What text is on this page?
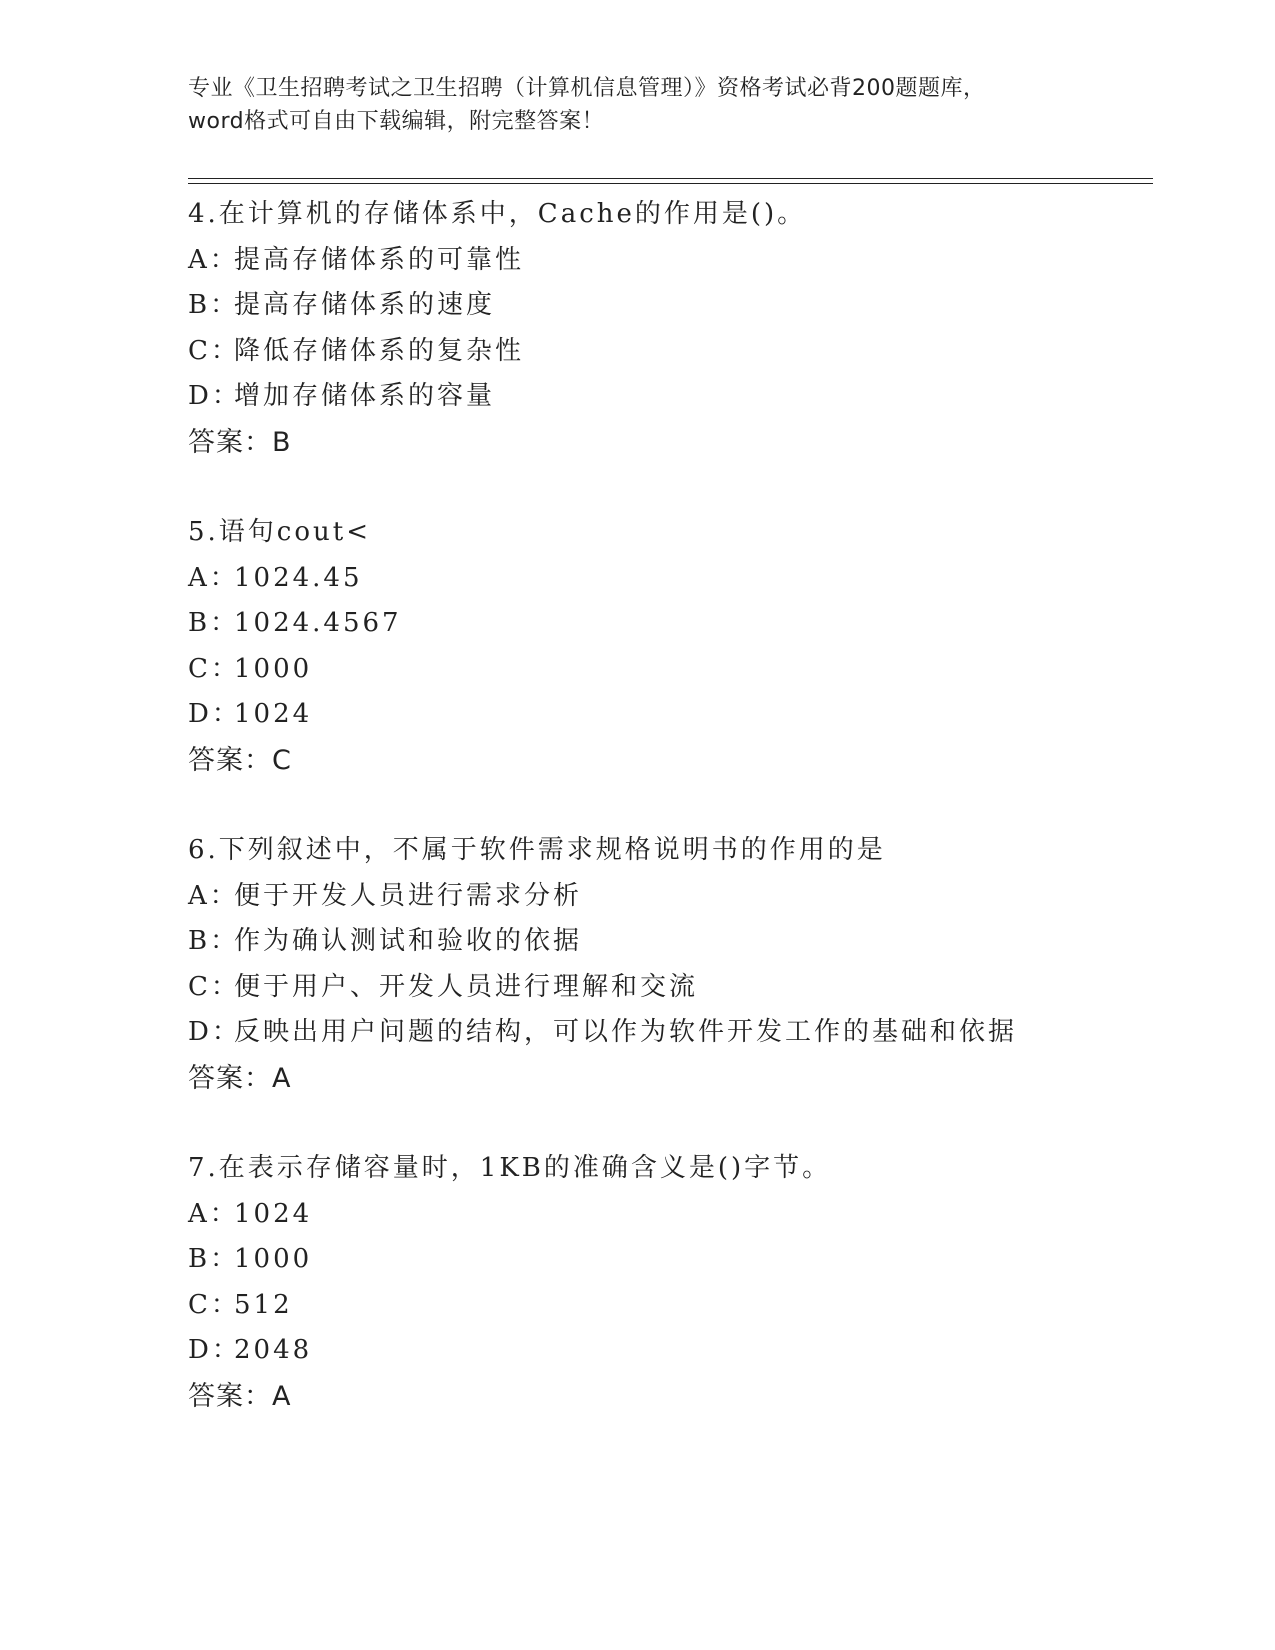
专业《卫生招聘考试之卫生招聘（计算机信息管理）》资格考试必背200题题库，
word格式可自由下载编辑，附完整答案！
4.在计算机的存储体系中，Cache的作用是()。
A：提高存储体系的可靠性
B：提高存储体系的速度
C：降低存储体系的复杂性
D：增加存储体系的容量
答案：B
5.语句cout<
A：1024.45
B：1024.4567
C：1000
D：1024
答案：C
6.下列叙述中，不属于软件需求规格说明书的作用的是
A：便于开发人员进行需求分析
B：作为确认测试和验收的依据
C：便于用户、开发人员进行理解和交流
D：反映出用户问题的结构，可以作为软件开发工作的基础和依据
答案：A
7.在表示存储容量时，1KB的准确含义是()字节。
A：1024
B：1000
C：512
D：2048
答案：A
